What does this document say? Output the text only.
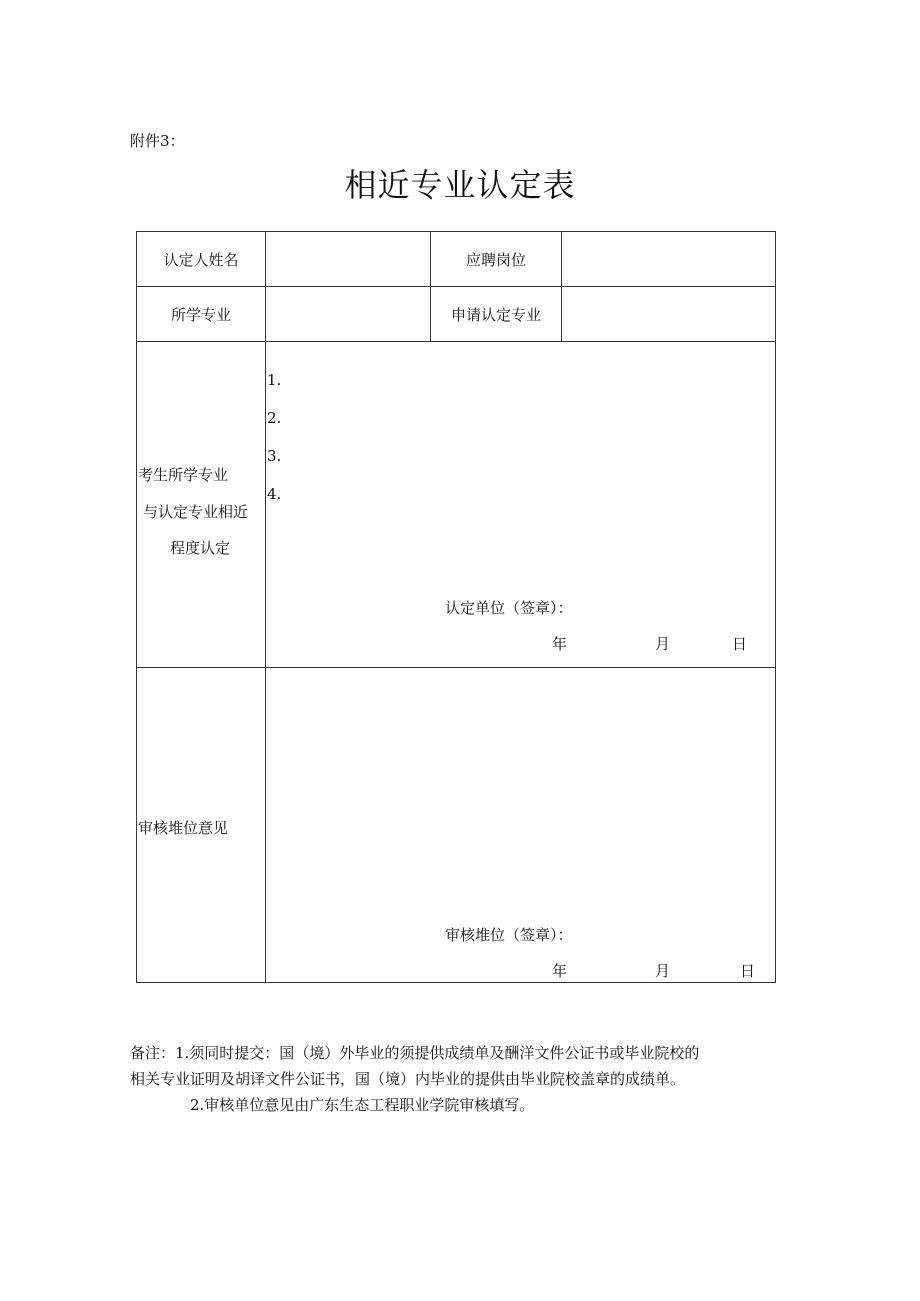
附件3：
相近专业认定表
认定人姓名	应聘岗位
所学专业	申请认定专业
考生所学专业
与认定专业相近
程度认定
1.
2.
3.
4.
认定单位（签章）：
年	月	日
审核堆位意见
审核堆位（签章）：
年	月	日
备注：1.须同时提交：国（境）外毕业的须提供成绩单及酬洋文件公证书或毕业院校的
相关专业证明及胡译文件公证书，国（境）内毕业的提供由毕业院校盖章的成绩单。
2.审核单位意见由广东生态工程职业学院审核填写。
